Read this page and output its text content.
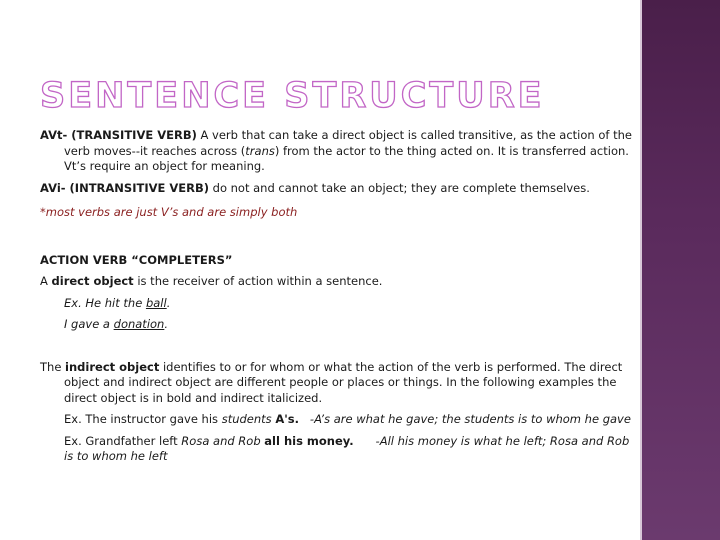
SENTENCE STRUCTURE

AVt- (TRANSITIVE VERB) A verb that can take a direct object is called transitive, as the action of the verb moves--it reaches across (trans) from the actor to the thing acted on. It is transferred action. Vt’s require an object for meaning.

AVi- (INTRANSITIVE VERB) do not and cannot take an object; they are complete themselves.

*most verbs are just V’s and are simply both

ACTION VERB “COMPLETERS”

A direct object is the receiver of action within a sentence.

Ex. He hit the ball.

I gave a donation.

The indirect object identifies to or for whom or what the action of the verb is performed. The direct object and indirect object are different people or places or things. In the following examples the direct object is in bold and indirect italicized.

Ex. The instructor gave his students A's. -A’s are what he gave; the students is to whom he gave

Ex. Grandfather left Rosa and Rob all his money. -All his money is what he left; Rosa and Rob is to whom he left
